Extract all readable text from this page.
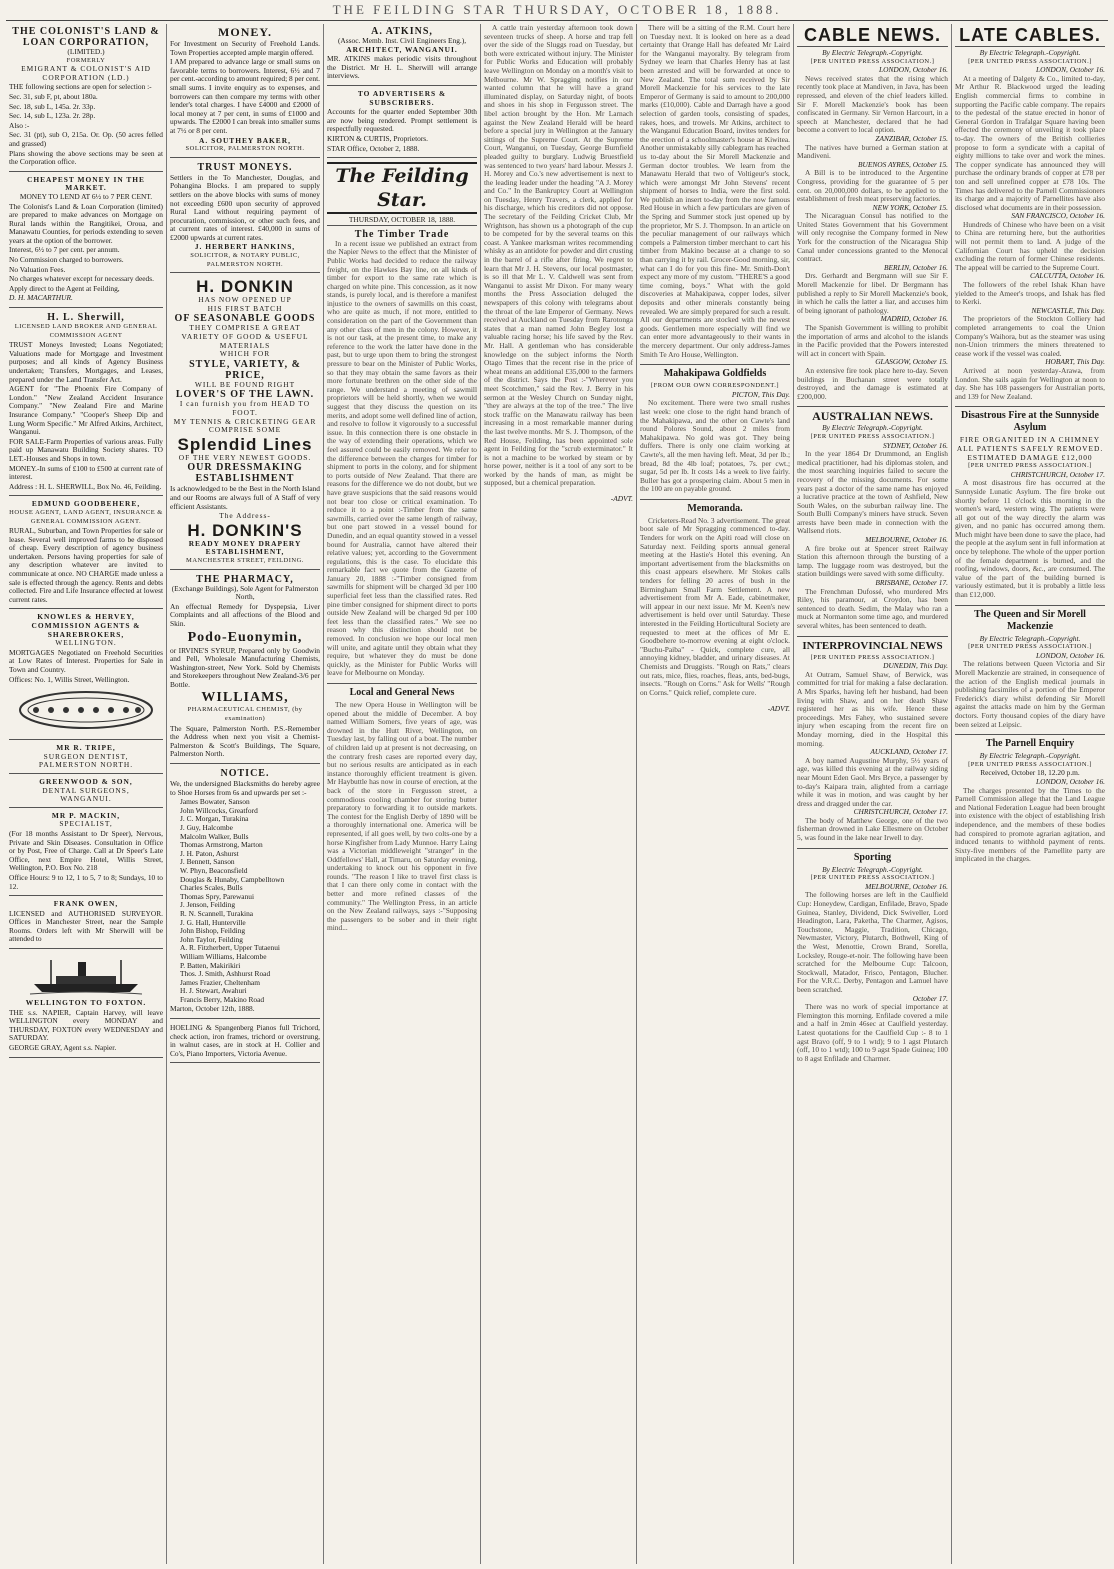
THE FEILDING STAR THURSDAY, OCTOBER 18, 1888.
THE COLONIST'S LAND & LOAN CORPORATION,
(LIMITED.)
FORMERLY
EMIGRANT & COLONIST'S AID CORPORATION (LD.)

THE following sections are open for selection :-

Sec. 31, sub F, pt, about 180a.

Sec. 18, sub L, 145a. 2r. 33p.

Sec. 14, sub L, 123a. 2r. 28p.

Also :-

Sec. 31 (pt), sub O, 215a. Or. Op. (50 acres felled and grassed)

Plans showing the above sections may be seen at the Corporation office.

CHEAPEST MONEY IN THE MARKET.
MONEY TO LEND AT 6½ to 7 PER CENT.

The Colonist's Land & Loan Corporation (limited) are prepared to make advances on Mortgage on Rural lands within the Rangitikei, Oroua, and Manawatu Counties, for periods extending to seven years at the option of the borrower.

Interest, 6½ to 7 per cent. per annum.

No Commission charged to borrowers.

No Valuation Fees.

No charges whatever except for necessary deeds.

Apply direct to the Agent at Feilding,

D. H. MACARTHUR.

H. L. Sherwill,
LICENSED LAND BROKER AND GENERAL COMMISSION AGENT

TRUST Moneys Invested; Loans Negotiated; Valuations made for Mortgage and Investment purposes; and all kinds of Agency Business undertaken; Transfers, Mortgages, and Leases, prepared under the Land Transfer Act.

AGENT for "The Phoenix Fire Company of London." "New Zealand Accident Insurance Company." "New Zealand Fire and Marine Insurance Company." "Cooper's Sheep Dip and Lung Worm Specific." Mr Alfred Atkins, Architect, Wanganui.

FOR SALE-Farm Properties of various areas. Fully paid up Manawatu Building Society shares. TO LET.-Houses and Shops in town.

MONEY.-In sums of £100 to £500 at current rate of interest.

Address : H. L. SHERWILL, Box No. 46, Feilding.

EDMUND GOODBEHERE,
HOUSE AGENT, LAND AGENT, INSURANCE & GENERAL COMMISSION AGENT.

RURAL, Suburban, and Town Properties for sale or lease. Several well improved farms to be disposed of cheap. Every description of agency business undertaken. Persons having properties for sale of any description whatever are invited to communicate at once. NO CHARGE made unless a sale is effected through the agency. Rents and debts collected. Fire and Life Insurance effected at lowest current rates.

KNOWLES & HERVEY, COMMISSION AGENTS & SHAREBROKERS,
WELLINGTON.

MORTGAGES Negotiated on Freehold Securities at Low Rates of Interest. Properties for Sale in Town and Country.

Offices: No. 1, Willis Street, Wellington.

MR R. TRIPE,
SURGEON DENTIST,
PALMERSTON NORTH.
GREENWOOD & SON,
DENTAL SURGEONS,
WANGANUI.
MR P. MACKIN,
SPECIALIST,

(For 18 months Assistant to Dr Speer), Nervous, Private and Skin Diseases. Consultation in Office or by Post, Free of Charge. Call at Dr Speer's Late Office, next Empire Hotel, Willis Street, Wellington, P.O. Box No. 218

Office Hours: 9 to 12, 1 to 5, 7 to 8; Sundays, 10 to 12.

FRANK OWEN,

LICENSED and AUTHORISED SURVEYOR. Offices in Manchester Street, near the Sample Rooms. Orders left with Mr Sherwill will be attended to

WELLINGTON TO FOXTON.

THE s.s. NAPIER, Captain Harvey, will leave WELLINGTON every MONDAY and THURSDAY, FOXTON every WEDNESDAY and SATURDAY.

GEORGE GRAY, Agent s.s. Napier.

MONEY.

For Investment on Security of Freehold Lands. Town Properties accepted ample margin offered.

I AM prepared to advance large or small sums on favorable terms to borrowers. Interest, 6½ and 7 per cent.-according to amount required; 8 per cent. small sums. I invite enquiry as to expenses, and borrowers can then compare my terms with other lender's total charges. I have £4000 and £2000 of local money at 7 per cent, in sums of £1000 and upwards. The £2000 I can break into smaller sums at 7½ or 8 per cent.

A. SOUTHEY BAKER,
SOLICITOR, PALMERSTON NORTH.
TRUST MONEYS.

Settlers in the To Manchester, Douglas, and Pohangina Blocks. I am prepared to supply settlers on the above blocks with sums of money not exceeding £600 upon security of approved Rural Land without requiring payment of procuration, commission, or other such fees, and at current rates of interest. £40,000 in sums of £2000 upwards at current rates.

J. HERBERT HANKINS,
SOLICITOR, & NOTARY PUBLIC, PALMERSTON NORTH.
H. DONKIN
HAS NOW OPENED UP
HIS FIRST BATCH
OF SEASONABLE GOODS
THEY COMPRISE A GREAT VARIETY OF GOOD & USEFUL MATERIALS
WHICH FOR
STYLE, VARIETY, & PRICE,
WILL BE FOUND RIGHT
LOVER'S OF THE LAWN.
I can furnish you from HEAD TO FOOT.
MY TENNIS & CRICKETING GEAR COMPRISE SOME
Splendid Lines
OF THE VERY NEWEST GOODS.
OUR DRESSMAKING ESTABLISHMENT

Is acknowledged to be the Best in the North Island and our Rooms are always full of A Staff of very efficient Assistants.

The Address-
H. DONKIN'S
READY MONEY DRAPERY ESTABLISHMENT,
MANCHESTER STREET, FEILDING.
THE PHARMACY,
(Exchange Buildings), Sole Agent for Palmerston North,

An effectual Remedy for Dyspepsia, Liver Complaints and all affections of the Blood and Skin.

Podo-Euonymin,

or IRVINE'S SYRUP, Prepared only by Goodwin and Pell, Wholesale Manufacturing Chemists, Washington-street, New York. Sold by Chemists and Storekeepers throughout New Zealand-3/6 per Bottle.

WILLIAMS,
PHARMACEUTICAL CHEMIST, (by examination)

The Square, Palmerston North. P.S.-Remember the Address when next you visit a Chemist-Palmerston & Scott's Buildings, The Square, Palmerston North.

NOTICE.

We, the undersigned Blacksmiths do hereby agree to Shoe Horses from 6s and upwards per set :-

James Bowater, Sanson
John Willcocks, Greatford
J. C. Morgan, Turakina
J. Guy, Halcombe
Malcolm Walker, Bulls
Thomas Armstrong, Marton
J. H. Paton, Ashurst
J. Bennett, Sanson
W. Phyn, Beaconsfield
Douglas & Hunaby, Campbelltown
Charles Scales, Bulls
Thomas Spry, Parewanui
J. Jenson, Feilding
R. N. Scannell, Turakina
J. G. Hall, Hunterville
John Bishop, Feilding
John Taylor, Feilding
A. R. Fitzherbert, Upper Tutaenui
William Williams, Halcombe
P. Batten, Makirikiri
Thos. J. Smith, Ashhurst Road
James Frazier, Cheltenham
H. J. Stewart, Awahuri
Francis Berry, Makino Road

Marton, October 12th, 1888.

HOELING & Spangenberg Pianos full Trichord, check action, iron frames, trichord or overstrung, in walnut cases, are in stock at H. Collier and Co's, Piano Importers, Victoria Avenue.

A. ATKINS,
(Assoc. Memb. Inst. Civil Engineers Eng.),
ARCHITECT, WANGANUI.

MR. ATKINS makes periodic visits throughout the District. Mr H. L. Sherwill will arrange interviews.

TO ADVERTISERS & SUBSCRIBERS.

Accounts for the quarter ended September 30th are now being rendered. Prompt settlement is respectfully requested.

KIRTON & CURTIS, Proprietors.

STAR Office, October 2, 1888.

The Feilding Star.
THURSDAY, OCTOBER 18, 1888.
The Timber Trade

In a recent issue we published an extract from the Napier News to the effect that the Minister of Public Works had decided to reduce the railway freight, on the Hawkes Bay line, on all kinds of timber for export to the same rate which is charged on white pine. This concession, as it now stands, is purely local, and is therefore a manifest injustice to the owners of sawmills on this coast, who are quite as much, if not more, entitled to consideration on the part of the Government than any other class of men in the colony. However, it is not our task, at the present time, to make any reference to the work the latter have done in the past, but to urge upon them to bring the strongest pressure to bear on the Minister of Public Works, so that they may obtain the same favors as their more fortunate brethren on the other side of the range. We understand a meeting of sawmill proprietors will be held shortly, when we would suggest that they discuss the question on its merits, and adopt some well defined line of action, and resolve to follow it vigorously to a successful issue. In this connection there is one obstacle in the way of extending their operations, which we feel assured could be easily removed. We refer to the difference between the charges for timber for shipment to ports in the colony, and for shipment to ports outside of New Zealand. That there are reasons for the difference we do not doubt, but we have grave suspicions that the said reasons would not bear too close or critical examination. To reduce it to a point :-Timber from the same sawmills, carried over the same length of railway, but one part stowed in a vessel bound for Dunedin, and an equal quantity stowed in a vessel bound for Australia, cannot have altered their relative values; yet, according to the Government regulations, this is the case. To elucidate this remarkable fact we quote from the Gazette of January 20, 1888 :-"Timber consigned from sawmills for shipment will be charged 3d per 100 superficial feet less than the classified rates. Red pine timber consigned for shipment direct to ports outside New Zealand will be charged 9d per 100 feet less than the classified rates." We see no reason why this distinction should not be removed. In conclusion we hope our local men will unite, and agitate until they obtain what they require, but whatever they do must be done quickly, as the Minister for Public Works will leave for Melbourne on Monday.

Local and General News

The new Opera House in Wellington will be opened about the middle of December. A boy named William Somers, five years of age, was drowned in the Hutt River, Wellington, on Tuesday last, by falling out of a boat. The number of children laid up at present is not decreasing, on the contrary fresh cases are reported every day, but no serious results are anticipated as in each instance thoroughly efficient treatment is given. Mr Haybuttle has now in course of erection, at the back of the store in Fergusson street, a commodious cooling chamber for storing butter preparatory to forwarding it to outside markets. The contest for the English Derby of 1890 will be a thoroughly international one. America will be represented, if all goes well, by two colts-one by a horse Kingfisher from Lady Munnoe. Harry Laing was a Victorian middleweight "stranger" in the Oddfellows' Hall, at Timaru, on Saturday evening, undertaking to knock out his opponent in five rounds. "The reason I like to travel first class is that I can there only come in contact with the better and more refined classes of the community." The Wellington Press, in an article on the New Zealand railways, says :-"Supposing the passengers to be sober and in their right mind...

A cattle train yesterday afternoon took down seventeen trucks of sheep. A horse and trap fell over the side of the Sluggs road on Tuesday, but both were extricated without injury. The Minister for Public Works and Education will probably leave Wellington on Monday on a month's visit to Melbourne. Mr W. Spragging notifies in our wanted column that he will have a grand illuminated display, on Saturday night, of boots and shoes in his shop in Fergusson street. The libel action brought by the Hon. Mr Larnach against the New Zealand Herald will be heard before a special jury in Wellington at the January sittings of the Supreme Court. At the Supreme Court, Wanganui, on Tuesday, George Burnfield pleaded guilty to burglary. Ludwig Bruestfield was sentenced to two years' hard labour. Messrs J. H. Morey and Co.'s new advertisement is next to the leading leader under the heading "A J. Morey and Co." In the Bankruptcy Court at Wellington on Tuesday, Henry Travers, a clerk, applied for his discharge, which his creditors did not oppose. The secretary of the Feilding Cricket Club, Mr Wrightson, has shown us a photograph of the cup to be competed for by the several teams on this coast. A Yankee marksman writes recommending whisky as an antidote for powder and dirt crusting in the barrel of a rifle after firing. We regret to learn that Mr J. H. Stevens, our local postmaster, is so ill that Mr L. V. Caldwell was sent from Wanganui to assist Mr Dixon. For many weary months the Press Association deluged the newspapers of this colony with telegrams about the throat of the late Emperor of Germany. News received at Auckland on Tuesday from Rarotonga states that a man named John Begley lost a valuable racing horse; his life saved by the Rev. Mr. Hall. A gentleman who has considerable knowledge on the subject informs the North Otago Times that the recent rise in the price of wheat means an additional £35,000 to the farmers of the district. Says the Post :-"Wherever you meet Scotchmen," said the Rev. J. Berry in his sermon at the Wesley Church on Sunday night, "they are always at the top of the tree." The live stock traffic on the Manawatu railway has been increasing in a most remarkable manner during the last twelve months. Mr S. J. Thompson, of the Red House, Feilding, has been appointed sole agent in Feilding for the "scrub exterminator." It is not a machine to be worked by steam or by horse power, neither is it a tool of any sort to be worked by the hands of man, as might be supposed, but a chemical preparation.

-ADVT.

There will be a sitting of the R.M. Court here on Tuesday next. It is looked on here as a dead certainty that Orange Hall has defeated Mr Laird for the Wanganui mayoralty. By telegram from Sydney we learn that Charles Henry has at last been arrested and will be forwarded at once to New Zealand. The total sum received by Sir Morell Mackenzie for his services to the late Emperor of Germany is said to amount to 200,000 marks (£10,000). Cable and Darragh have a good selection of garden tools, consisting of spades, rakes, hoes, and trowels. Mr Atkins, architect to the Wanganui Education Board, invites tenders for the erection of a schoolmaster's house at Kiwitea. Another unmistakably silly cablegram has reached us to-day about the Sir Morell Mackenzie and German doctor troubles. We learn from the Manawatu Herald that two of Voltigeur's stock, which were amongst Mr John Stevens' recent shipment of horses to India, were the first sold. We publish an insert to-day from the now famous Red House in which a few particulars are given of the Spring and Summer stock just opened up by the proprietor, Mr S. J. Thompson. In an article on the peculiar management of our railways which compels a Palmerston timber merchant to cart his timber from Makino because at a change to so than carrying it by rail. Grocer-Good morning, sir, what can I do for you this fine- Mr. Smith-Don't expect any more of my custom. "THERE'S a good time coming, boys." What with the gold discoveries at Mahakipawa, copper lodes, silver deposits and other minerals constantly being revealed. We are simply prepared for such a result. All our departments are stocked with the newest goods. Gentlemen more especially will find we can enter more advantageously to their wants in the mercery department. Our only address-James Smith Te Aro House, Wellington.

Mahakipawa Goldfields
[FROM OUR OWN CORRESPONDENT.]
PICTON, This Day.

No excitement. There were two small rushes last week: one close to the right hand branch of the Mahakipawa, and the other on Cawte's land round Polores Sound, about 2 miles from Mahakipawa. No gold was got. They being duffers. There is only one claim working at Cawte's, all the men having left. Meat, 3d per lb.; bread, 8d the 4lb loaf; potatoes, 7s. per cwt.; sugar, 5d per lb. It costs 14s a week to live fairly. Buller has got a prospering claim. About 5 men in the 100 are on payable ground.

Memoranda.

Cricketers-Read No. 3 advertisement. The great boot sale of Mr Spragging commenced to-day. Tenders for work on the Apiti road will close on Saturday next. Feilding sports annual general meeting at the Hastie's Hotel this evening. An important advertisement from the blacksmiths on this coast appears elsewhere. Mr Stokes calls tenders for felling 20 acres of bush in the Birmingham Small Farm Settlement. A new advertisement from Mr A. Eade, cabinetmaker, will appear in our next issue. Mr M. Keen's new advertisement is held over until Saturday. These interested in the Feilding Horticultural Society are requested to meet at the offices of Mr E. Goodbehere to-morrow evening at eight o'clock. "Buchu-Paiba" - Quick, complete cure, all annoying kidney, bladder, and urinary diseases. At Chemists and Druggists. "Rough on Rats," clears out rats, mice, flies, roaches, fleas, ants, bed-bugs, insects. "Rough on Corns." Ask for Wells' "Rough on Corns." Quick relief, complete cure.

-ADVT.

CABLE NEWS.
By Electric Telegraph.-Copyright.
[PER UNITED PRESS ASSOCIATION.]
LONDON, October 16.

News received states that the rising which recently took place at Mandiven, in Java, has been repressed, and eleven of the chief leaders killed. Sir F. Morell Mackenzie's book has been confiscated in Germany. Sir Vernon Harcourt, in a speech at Manchester, declared that he had become a convert to local option.

ZANZIBAR, October 15.

The natives have burned a German station at Mandiveni.

BUENOS AYRES, October 15.

A Bill is to be introduced to the Argentine Congress, providing for the guarantee of 5 per cent. on 20,000,000 dollars, to be applied to the establishment of fresh meat preserving factories.

NEW YORK, October 15.

The Nicaraguan Consul has notified to the United States Government that his Government will only recognise the Company formed in New York for the construction of the Nicaragua Ship Canal under concessions granted to the Menocal contract.

BERLIN, October 16.

Drs. Gerhardt and Bergmann will sue Sir F. Morell Mackenzie for libel. Dr Bergmann has published a reply to Sir Morell Mackenzie's book, in which he calls the latter a liar, and accuses him of being ignorant of pathology.

MADRID, October 16.

The Spanish Government is willing to prohibit the importation of arms and alcohol to the islands in the Pacific provided that the Powers interested will act in concert with Spain.

GLASGOW, October 15.

An extensive fire took place here to-day. Seven buildings in Buchanan street were totally destroyed, and the damage is estimated at £200,000.

AUSTRALIAN NEWS.
By Electric Telegraph.-Copyright.
[PER UNITED PRESS ASSOCIATION.]
SYDNEY, October 16.

In the year 1864 Dr Drummond, an English medical practitioner, had his diplomas stolen, and the most searching inquiries failed to secure the recovery of the missing documents. For some years past a doctor of the same name has enjoyed a lucrative practice at the town of Ashfield, New South Wales, on the suburban railway line. The South Bulli Company's miners have struck. Seven arrests have been made in connection with the Wallsend riots.

MELBOURNE, October 16.

A fire broke out at Spencer street Railway Station this afternoon through the bursting of a lamp. The luggage room was destroyed, but the station buildings were saved with some difficulty.

BRISBANE, October 17.

The Frenchman Dufossé, who murdered Mrs Riley, his paramour, at Croydon, has been sentenced to death. Sedim, the Malay who ran a muck at Normanton some time ago, and murdered several whites, has been sentenced to death.

INTERPROVINCIAL NEWS
[PER UNITED PRESS ASSOCIATION.]
DUNEDIN, This Day.

At Outram, Samuel Shaw, of Berwick, was committed for trial for making a false declaration. A Mrs Sparks, having left her husband, had been living with Shaw, and on her death Shaw registered her as his wife. Hence these proceedings. Mrs Fahey, who sustained severe injury when escaping from the recent fire on Monday morning, died in the Hospital this morning.

AUCKLAND, October 17.

A boy named Augustine Murphy, 5½ years of age, was killed this evening at the railway siding near Mount Eden Gaol. Mrs Bryce, a passenger by to-day's Kaipara train, alighted from a carriage while it was in motion, and was caught by her dress and dragged under the car.

CHRISTCHURCH, October 17.

The body of Matthew George, one of the two fisherman drowned in Lake Ellesmere on October 5, was found in the lake near Irwell to day.

Sporting
By Electric Telegraph.-Copyright.
[PER UNITED PRESS ASSOCIATION.]
MELBOURNE, October 16.

The following horses are left in the Caulfield Cup: Honeydew, Cardigan, Enfilade, Bravo, Spade Guinea, Stanley, Dividend, Dick Swiveller, Lord Headington, Lara, Paketha, The Charmer, Agisos, Touchstone, Maggie, Tradition, Chicago, Newmaster, Victory, Plutarch, Bothwell, King of the West, Menottie, Crown Brand, Sorella, Locksley, Rouge-et-noir. The following have been scratched for the Melbourne Cup: Talcoon, Stockwall, Matador, Frisco, Pentagon, Blucher. For the V.R.C. Derby, Pentagon and Lamuel have been scratched.

October 17.

There was no work of special importance at Flemington this morning. Enfilade covered a mile and a half in 2min 46sec at Caulfield yesterday. Latest quotations for the Caulfield Cup :- 8 to 1 agst Bravo (off, 9 to 1 wtd); 9 to 1 agst Plutarch (off, 10 to 1 wtd); 100 to 9 agst Spade Guinea; 100 to 8 agst Enfilade and Charmer.

LATE CABLES.
By Electric Telegraph.-Copyright.
[PER UNITED PRESS ASSOCIATION.]
LONDON, October 16.

At a meeting of Dalgety & Co., limited to-day, Mr Arthur R. Blackwood urged the leading English commercial firms to combine in supporting the Pacific cable company. The repairs to the pedestal of the statue erected in honor of General Gordon in Trafalgar Square having been effected the ceremony of unveiling it took place to-day. The owners of the British collieries propose to form a syndicate with a capital of eighty millions to take over and work the mines. The copper syndicate has announced they will purchase the ordinary brands of copper at £78 per ton and sell unrefined copper at £78 10s. The Times has delivered to the Parnell Commissioners its charge and a majority of Parnellites have also disclosed what documents are in their possession.

SAN FRANCISCO, October 16.

Hundreds of Chinese who have been on a visit to China are returning here, but the authorities will not permit them to land. A judge of the Californian Court has upheld the decision excluding the return of former Chinese residents. The appeal will be carried to the Supreme Court.

CALCUTTA, October 16.

The followers of the rebel Ishak Khan have yielded to the Ameer's troops, and Ishak has fled to Kerki.

NEWCASTLE, This Day.

The proprietors of the Stockton Colliery had completed arrangements to coal the Union Company's Waihora, but as the steamer was using non-Union trimmers the miners threatened to cease work if the vessel was coaled.

HOBART, This Day.

Arrived at noon yesterday-Arawa, from London. She sails again for Wellington at noon to day. She has 108 passengers for Australian ports, and 139 for New Zealand.

Disastrous Fire at the Sunnyside Asylum
FIRE ORGANITED IN A CHIMNEY
ALL PATIENTS SAFELY REMOVED.
ESTIMATED DAMAGE £12,000
[PER UNITED PRESS ASSOCIATION.]
CHRISTCHURCH, October 17.

A most disastrous fire has occurred at the Sunnyside Lunatic Asylum. The fire broke out shortly before 11 o'clock this morning in the women's ward, western wing. The patients were all got out of the way directly the alarm was given, and no panic has occurred among them. Much might have been done to save the place, had the people at the asylum sent in full information at once by telephone. The whole of the upper portion of the female department is burned, and the roofing, windows, doors, &c., are consumed. The value of the part of the building burned is variously estimated, but it is probably a little less than £12,000.

The Queen and Sir Morell Mackenzie
By Electric Telegraph.-Copyright.
[PER UNITED PRESS ASSOCIATION.]
LONDON, October 16.

The relations between Queen Victoria and Sir Morell Mackenzie are strained, in consequence of the action of the English medical journals in publishing facsimiles of a portion of the Emperor Frederick's diary whilst defending Sir Morell against the attacks made on him by the German doctors. Forty thousand copies of the diary have been seized at Leipsic.

The Parnell Enquiry
By Electric Telegraph.-Copyright.
[PER UNITED PRESS ASSOCIATION.]
Received, October 18, 12.20 p.m.
LONDON, October 16.

The charges presented by the Times to the Parnell Commission allege that the Land League and National Federation League had been brought into existence with the object of establishing Irish independence, and the members of these bodies had conspired to promote agrarian agitation, and induced tenants to withhold payment of rents. Sixty-five members of the Parnellite party are implicated in the charges.
